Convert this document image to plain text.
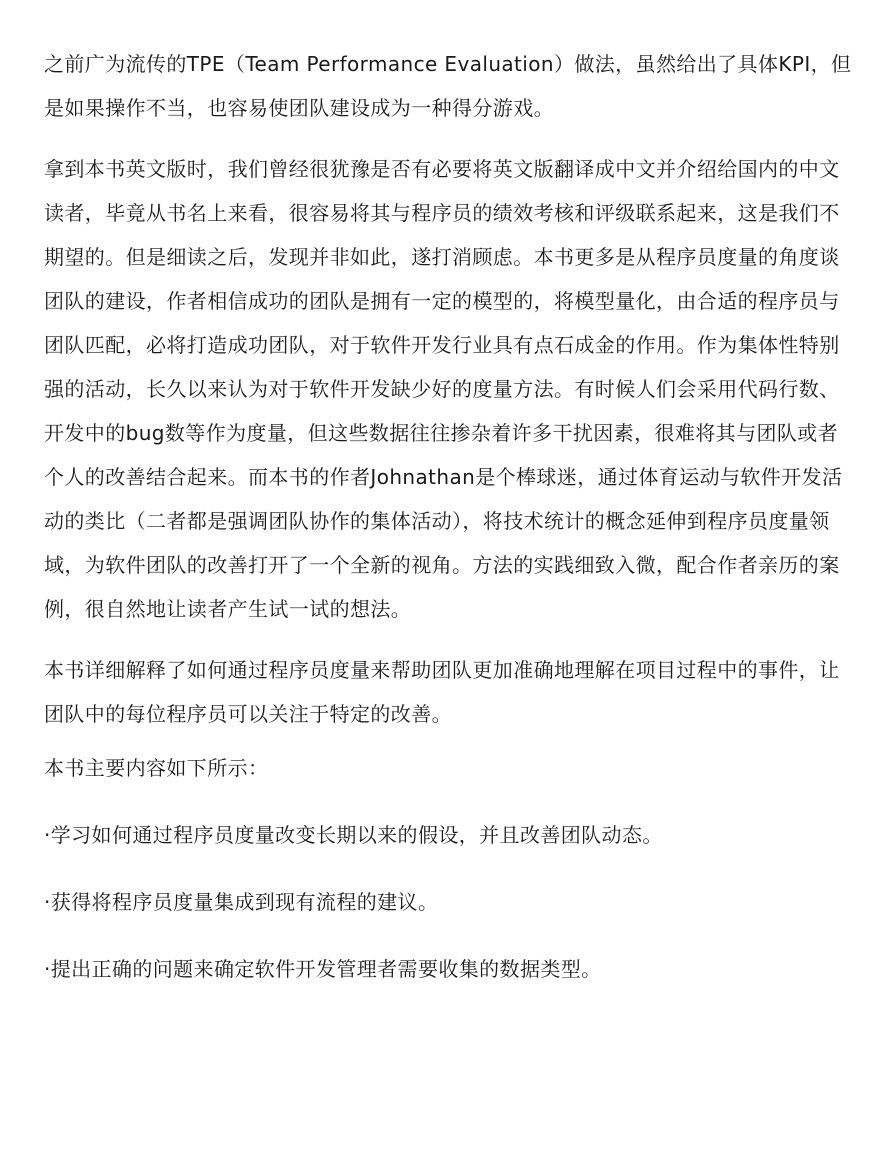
之前广为流传的TPE（Team Performance Evaluation）做法，虽然给出了具体KPI，但是如果操作不当，也容易使团队建设成为一种得分游戏。

拿到本书英文版时，我们曾经很犹豫是否有必要将英文版翻译成中文并介绍给国内的中文读者，毕竟从书名上来看，很容易将其与程序员的绩效考核和评级联系起来，这是我们不期望的。但是细读之后，发现并非如此，遂打消顾虑。本书更多是从程序员度量的角度谈团队的建设，作者相信成功的团队是拥有一定的模型的，将模型量化，由合适的程序员与团队匹配，必将打造成功团队，对于软件开发行业具有点石成金的作用。作为集体性特别强的活动，长久以来认为对于软件开发缺少好的度量方法。有时候人们会采用代码行数、开发中的bug数等作为度量，但这些数据往往掺杂着许多干扰因素，很难将其与团队或者个人的改善结合起来。而本书的作者Johnathan是个棒球迷，通过体育运动与软件开发活动的类比（二者都是强调团队协作的集体活动），将技术统计的概念延伸到程序员度量领域，为软件团队的改善打开了一个全新的视角。方法的实践细致入微，配合作者亲历的案例，很自然地让读者产生试一试的想法。

本书详细解释了如何通过程序员度量来帮助团队更加准确地理解在项目过程中的事件，让团队中的每位程序员可以关注于特定的改善。

本书主要内容如下所示：

·学习如何通过程序员度量改变长期以来的假设，并且改善团队动态。

·获得将程序员度量集成到现有流程的建议。

·提出正确的问题来确定软件开发管理者需要收集的数据类型。
